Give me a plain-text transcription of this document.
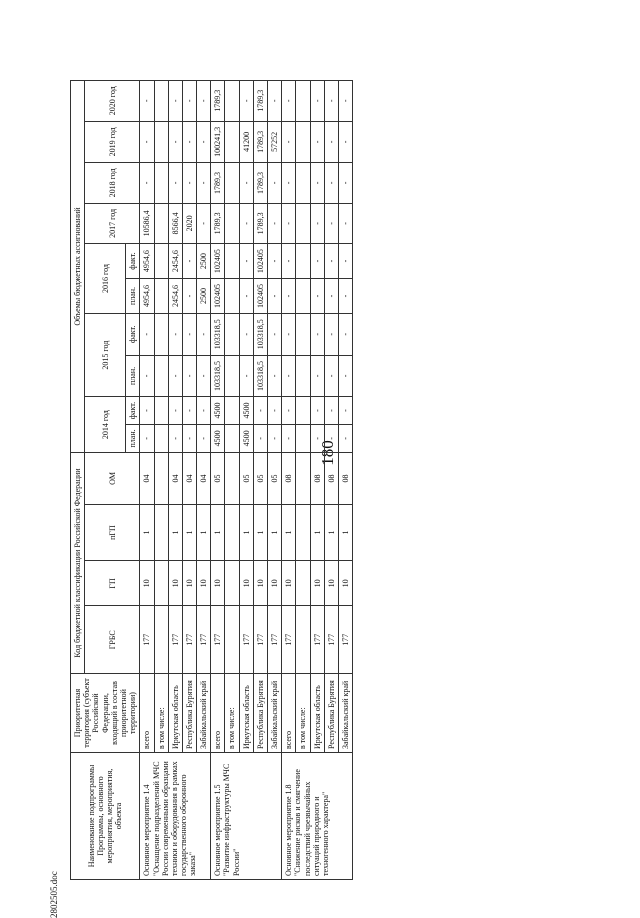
180
2802505.doc
Наименование подпрограммы Программы, основного мероприятия, мероприятия, объекта	Приоритетная территория (субъект Российской Федерации, входящий в состав приоритетной территории)	Код бюджетной классификации Российской Федерации				Объемы бюджетных ассигнований									
		ГРБС	ГП	пГП	ОМ	2014 год		2015 год		2016 год		2017 год	2018 год	2019 год	2020 год
						план.	факт.	план.	факт.	план.	факт.				
Основное мероприятие 1.4 "Оснащение подразделений МЧС России современными образцами техники и оборудования в рамках государственного оборонного заказа"	всего	177	10	1	04	-	-	-	-	4954,6	4954,6	10586,4	-	-	-
	в том числе:														
	Иркутская область	177	10	1	04	-	-	-	-	2454,6	2454,6	8566,4	-	-	-
	Республика Бурятия	177	10	1	04	-	-	-	-	-	-	2020	-	-	-
	Забайкальский край	177	10	1	04	-	-	-	-	2500	2500	-	-	-	-
Основное мероприятие 1.5 "Развитие инфраструктуры МЧС России"	всего	177	10	1	05	4500	4500	103318,5	103318,5	102405	102405	1789,3	1789,3	100241,3	1789,3
	в том числе:														
	Иркутская область	177	10	1	05	4500	4500	-	-	-	-	-	-	41200	-
	Республика Бурятия	177	10	1	05	-	-	103318,5	103318,5	102405	102405	1789,3	1789,3	1789,3	1789,3
	Забайкальский край	177	10	1	05	-	-	-	-	-	-	-	-	57252	-
Основное мероприятие 1.8 "Снижение рисков и смягчение последствий чрезвычайных ситуаций природного и техногенного характера"	всего	177	10	1	08	-	-	-	-	-	-	-	-	-	-
	в том числе:														
	Иркутская область	177	10	1	08	-	-	-	-	-	-	-	-	-	-
	Республика Бурятия	177	10	1	08	-	-	-	-	-	-	-	-	-	-
	Забайкальский край	177	10	1	08	-	-	-	-	-	-	-	-	-	-
